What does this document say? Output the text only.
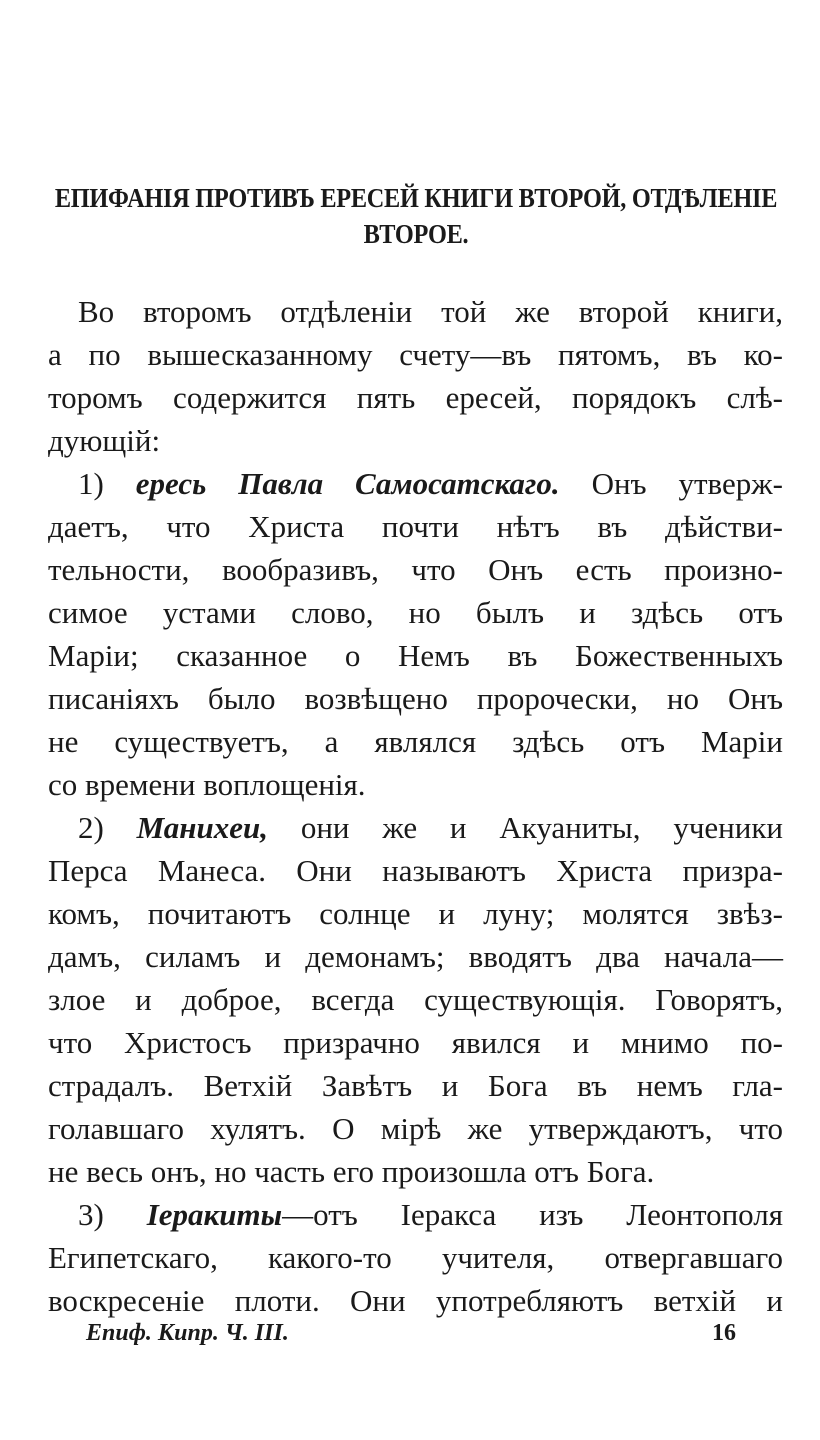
ЕПИФАНІЯ ПРОТИВЪ ЕРЕСЕЙ КНИГИ ВТОРОЙ, ОТДѢЛЕНІЕ
ВТОРОЕ.

Во второмъ отдѣленіи той же второй книги,
а по вышесказанному счету—въ пятомъ, въ ко-
торомъ содержится пять ересей, порядокъ слѣ-
дующій:

1) ересь Павла Самосатскаго. Онъ утверж-
даетъ, что Христа почти нѣтъ въ дѣйстви-
тельности, вообразивъ, что Онъ есть произно-
симое устами слово, но былъ и здѣсь отъ
Маріи; сказанное о Немъ въ Божественныхъ
писаніяхъ было возвѣщено пророчески, но Онъ
не существуетъ, а являлся здѣсь отъ Маріи
со времени воплощенія.

2) Манихеи, они же и Акуаниты, ученики
Перса Манеса. Они называютъ Христа призра-
комъ, почитаютъ солнце и луну; молятся звѣз-
дамъ, силамъ и демонамъ; вводятъ два начала—
злое и доброе, всегда существующія. Говорятъ,
что Христосъ призрачно явился и мнимо по-
страдалъ. Ветхій Завѣтъ и Бога въ немъ гла-
голавшаго хулятъ. О мірѣ же утверждаютъ, что
не весь онъ, но часть его произошла отъ Бога.

3) Іеракиты—отъ Іеракса изъ Леонтополя
Египетскаго, какого-то учителя, отвергавшаго
воскресеніе плоти. Они употребляютъ ветхій и

Епиф. Кипр. Ч. III.	16
